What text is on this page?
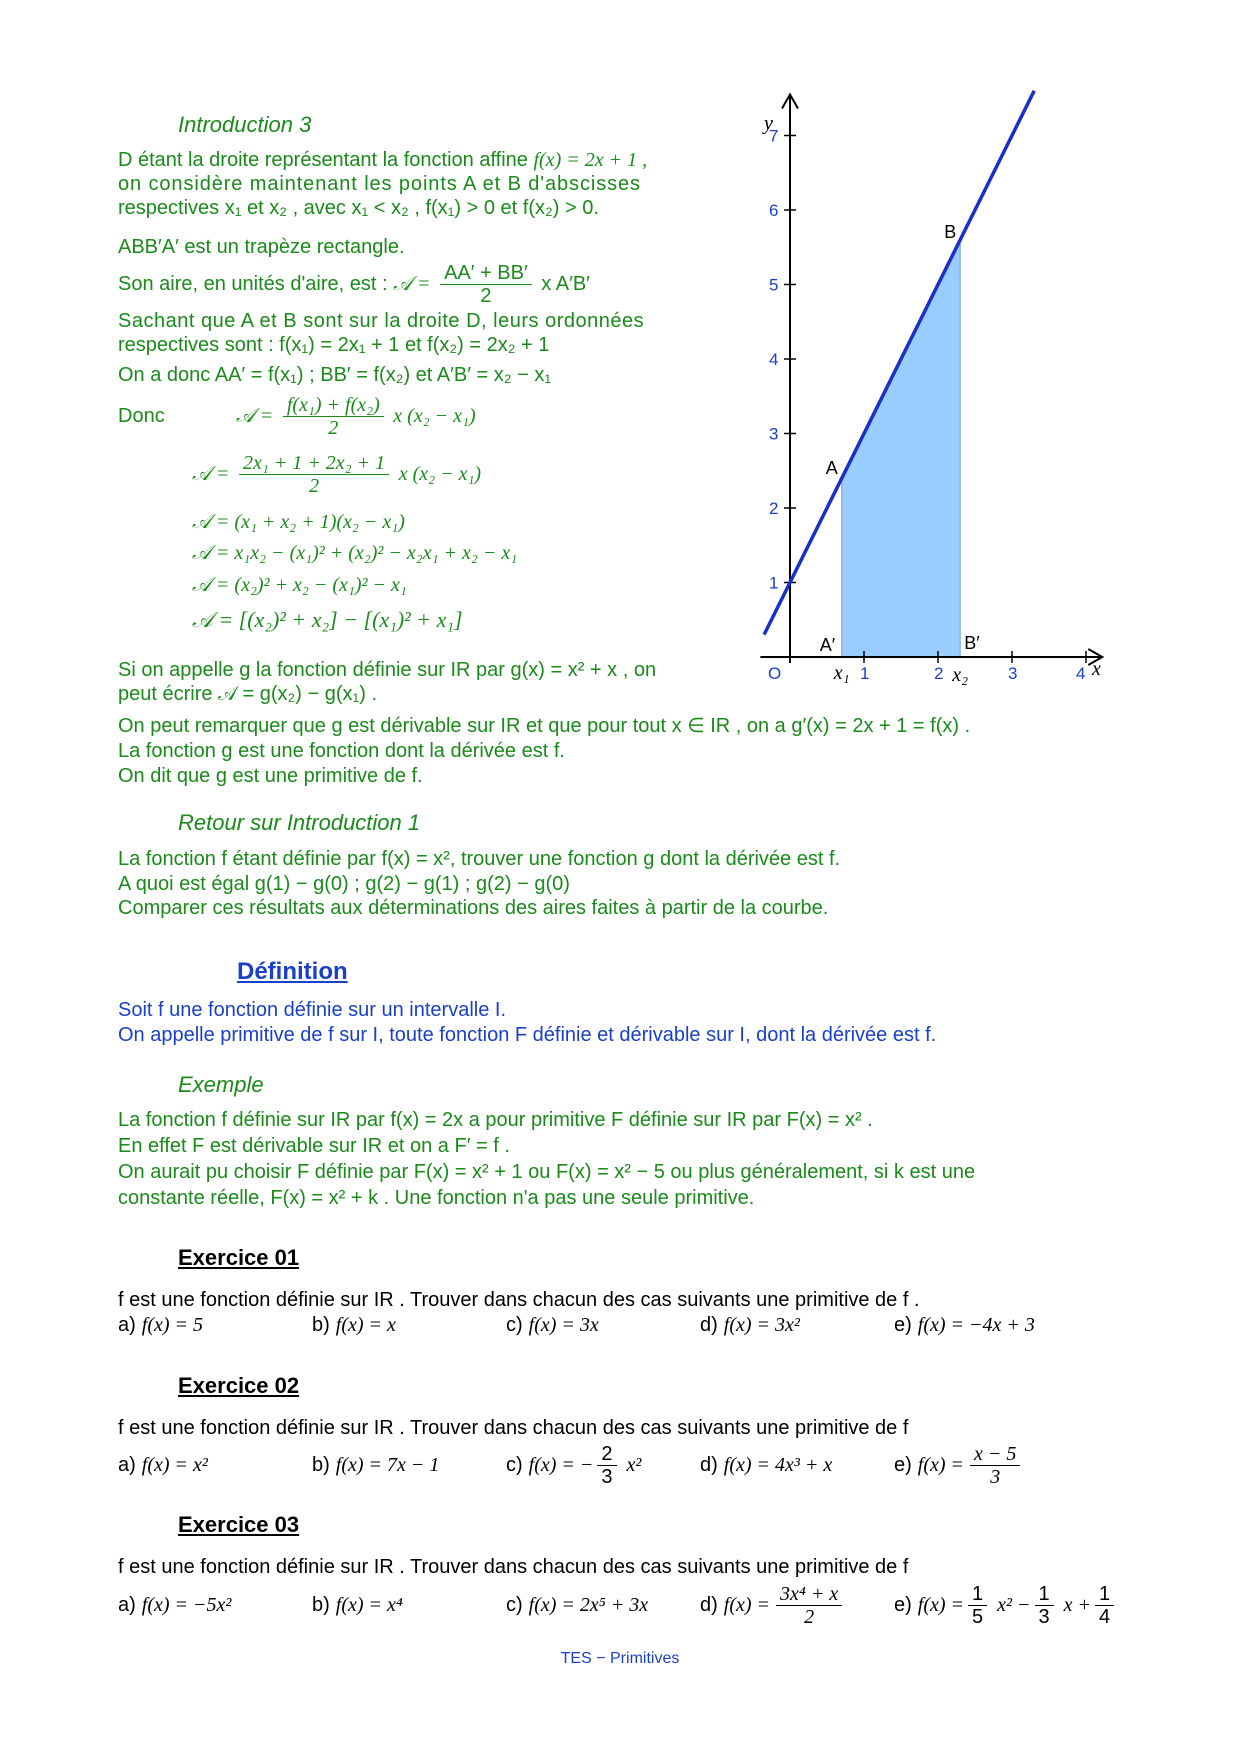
Introduction 3
D étant la droite représentant la fonction affine f(x) = 2x + 1 ,
on considère maintenant les points A et B d'abscisses
respectives x₁ et x₂ , avec x₁ < x₂ , f(x₁) > 0 et f(x₂) > 0.
ABB′A′ est un trapèze rectangle.
Son aire, en unités d'aire, est : 𝒜 = $\frac{AA' + BB'}{2}$ x A′B′
Sachant que A et B sont sur la droite D, leurs ordonnées
respectives sont : f(x₁) = 2x₁ + 1 et f(x₂) = 2x₂ + 1
On a donc AA′ = f(x₁) ; BB′ = f(x₂) et A′B′ = x₂ − x₁
Donc	𝒜 = $\frac{\text{f(x₁) + f(x₂)}}{2}$ x (x₂ − x₁)
𝒜 = $\frac{\text{2x₁ + 1 + 2x₂ + 1}}{2}$ x (x₂ − x₁)
𝒜 = (x₁ + x₂ + 1)(x₂ − x₁)
𝒜 = x₁x₂ − (x₁)² + (x₂)² − x₂x₁ + x₂ − x₁
𝒜 = (x₂)² + x₂ − (x₁)² − x₁
𝒜 = [(x₂)² + x₂] − [(x₁)² + x₁]
Si on appelle g la fonction définie sur IR par g(x) = x² + x , on
peut écrire 𝒜 = g(x₂) − g(x₁) .
On peut remarquer que g est dérivable sur IR et que pour tout x ∈ IR , on a g′(x) = 2x + 1 = f(x) .
La fonction g est une fonction dont la dérivée est f.
On dit que g est une primitive de f.
Retour sur Introduction 1
La fonction f étant définie par f(x) = x², trouver une fonction g dont la dérivée est f.
A quoi est égal g(1) − g(0) ; g(2) − g(1) ; g(2) − g(0)
Comparer ces résultats aux déterminations des aires faites à partir de la courbe.
Définition
Soit f une fonction définie sur un intervalle I.
On appelle primitive de f sur I, toute fonction F définie et dérivable sur I, dont la dérivée est f.
Exemple
La fonction f définie sur IR par f(x) = 2x a pour primitive F définie sur IR par F(x) = x² .
En effet F est dérivable sur IR et on a F′ = f .
On aurait pu choisir F définie par F(x) = x² + 1 ou F(x) = x² − 5 ou plus généralement, si k est une
constante réelle, F(x) = x² + k . Une fonction n'a pas une seule primitive.
Exercice 01
f est une fonction définie sur IR . Trouver dans chacun des cas suivants une primitive de f .
a) f(x) = 5	b) f(x) = x	c) f(x) = 3x	d) f(x) = 3x²	e) f(x) = −4x + 3
Exercice 02
f est une fonction définie sur IR . Trouver dans chacun des cas suivants une primitive de f
a) f(x) = x²	b) f(x) = 7x − 1	c) f(x) = − $\frac{2}{3} x^2$	d) f(x) = 4x³ + x	e) $f(x) = \frac{x - 5}{3}$
Exercice 03
f est une fonction définie sur IR . Trouver dans chacun des cas suivants une primitive de f
a) f(x) = −5x²	b) f(x) = x⁴	c) f(x) = 2x⁵ + 3x	d) $f(x) = \frac{\text{3x⁴ + x}}{2}$	e) $f(x) = \frac{1}{5} x^2 - \frac{1}{3}$ $x + \frac{1}{4}$
TES − Primitives
1	2	3	4
1
2
3
4
5
6
7
y
x
O
A
B
A′	B′
x₁	x₂
